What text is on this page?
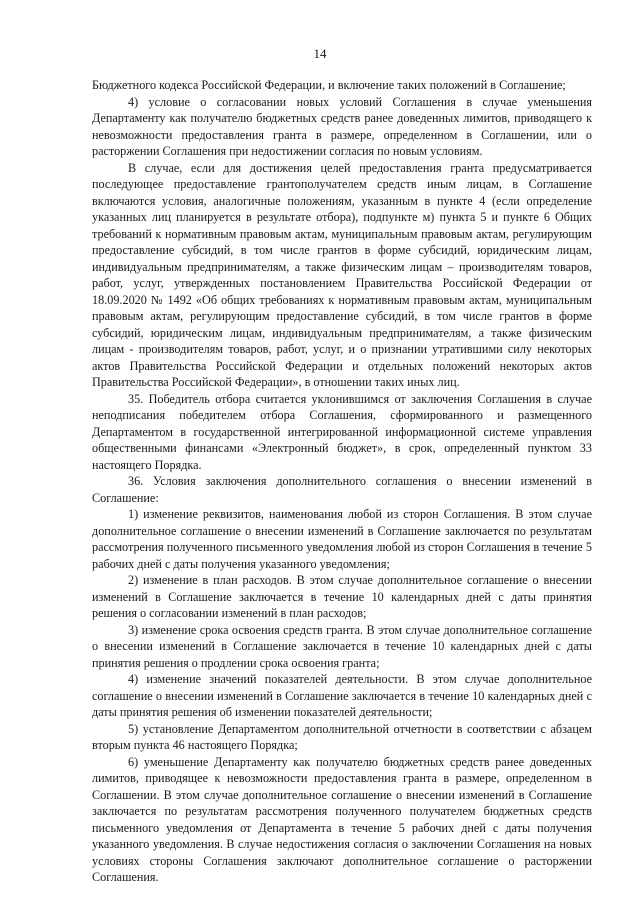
14

Бюджетного кодекса Российской Федерации, и включение таких положений в Соглашение;

4) условие о согласовании новых условий Соглашения в случае уменьшения Департаменту как получателю бюджетных средств ранее доведенных лимитов, приводящего к невозможности предоставления гранта в размере, определенном в Соглашении, или о расторжении Соглашения при недостижении согласия по новым условиям.

В случае, если для достижения целей предоставления гранта предусматривается последующее предоставление грантополучателем средств иным лицам, в Соглашение включаются условия, аналогичные положениям, указанным в пункте 4 (если определение указанных лиц планируется в результате отбора), подпункте м) пункта 5 и пункте 6 Общих требований к нормативным правовым актам, муниципальным правовым актам, регулирующим предоставление субсидий, в том числе грантов в форме субсидий, юридическим лицам, индивидуальным предпринимателям, а также физическим лицам – производителям товаров, работ, услуг, утвержденных постановлением Правительства Российской Федерации от 18.09.2020 № 1492 «Об общих требованиях к нормативным правовым актам, муниципальным правовым актам, регулирующим предоставление субсидий, в том числе грантов в форме субсидий, юридическим лицам, индивидуальным предпринимателям, а также физическим лицам - производителям товаров, работ, услуг, и о признании утратившими силу некоторых актов Правительства Российской Федерации и отдельных положений некоторых актов Правительства Российской Федерации», в отношении таких иных лиц.

35. Победитель отбора считается уклонившимся от заключения Соглашения в случае неподписания победителем отбора Соглашения, сформированного и размещенного Департаментом в государственной интегрированной информационной системе управления общественными финансами «Электронный бюджет», в срок, определенный пунктом 33 настоящего Порядка.

36. Условия заключения дополнительного соглашения о внесении изменений в Соглашение:

1) изменение реквизитов, наименования любой из сторон Соглашения. В этом случае дополнительное соглашение о внесении изменений в Соглашение заключается по результатам рассмотрения полученного письменного уведомления любой из сторон Соглашения в течение 5 рабочих дней с даты получения указанного уведомления;

2) изменение в план расходов. В этом случае дополнительное соглашение о внесении изменений в Соглашение заключается в течение 10 календарных дней с даты принятия решения о согласовании изменений в план расходов;

3) изменение срока освоения средств гранта. В этом случае дополнительное соглашение о внесении изменений в Соглашение заключается в течение 10 календарных дней с даты принятия решения о продлении срока освоения гранта;

4) изменение значений показателей деятельности. В этом случае дополнительное соглашение о внесении изменений в Соглашение заключается в течение 10 календарных дней с даты принятия решения об изменении показателей деятельности;

5) установление Департаментом дополнительной отчетности в соответствии с абзацем вторым пункта 46 настоящего Порядка;

6) уменьшение Департаменту как получателю бюджетных средств ранее доведенных лимитов, приводящее к невозможности предоставления гранта в размере, определенном в Соглашении. В этом случае дополнительное соглашение о внесении изменений в Соглашение заключается по результатам рассмотрения полученного получателем бюджетных средств письменного уведомления от Департамента в течение 5 рабочих дней с даты получения указанного уведомления. В случае недостижения согласия о заключении Соглашения на новых условиях стороны Соглашения заключают дополнительное соглашение о расторжении Соглашения.
